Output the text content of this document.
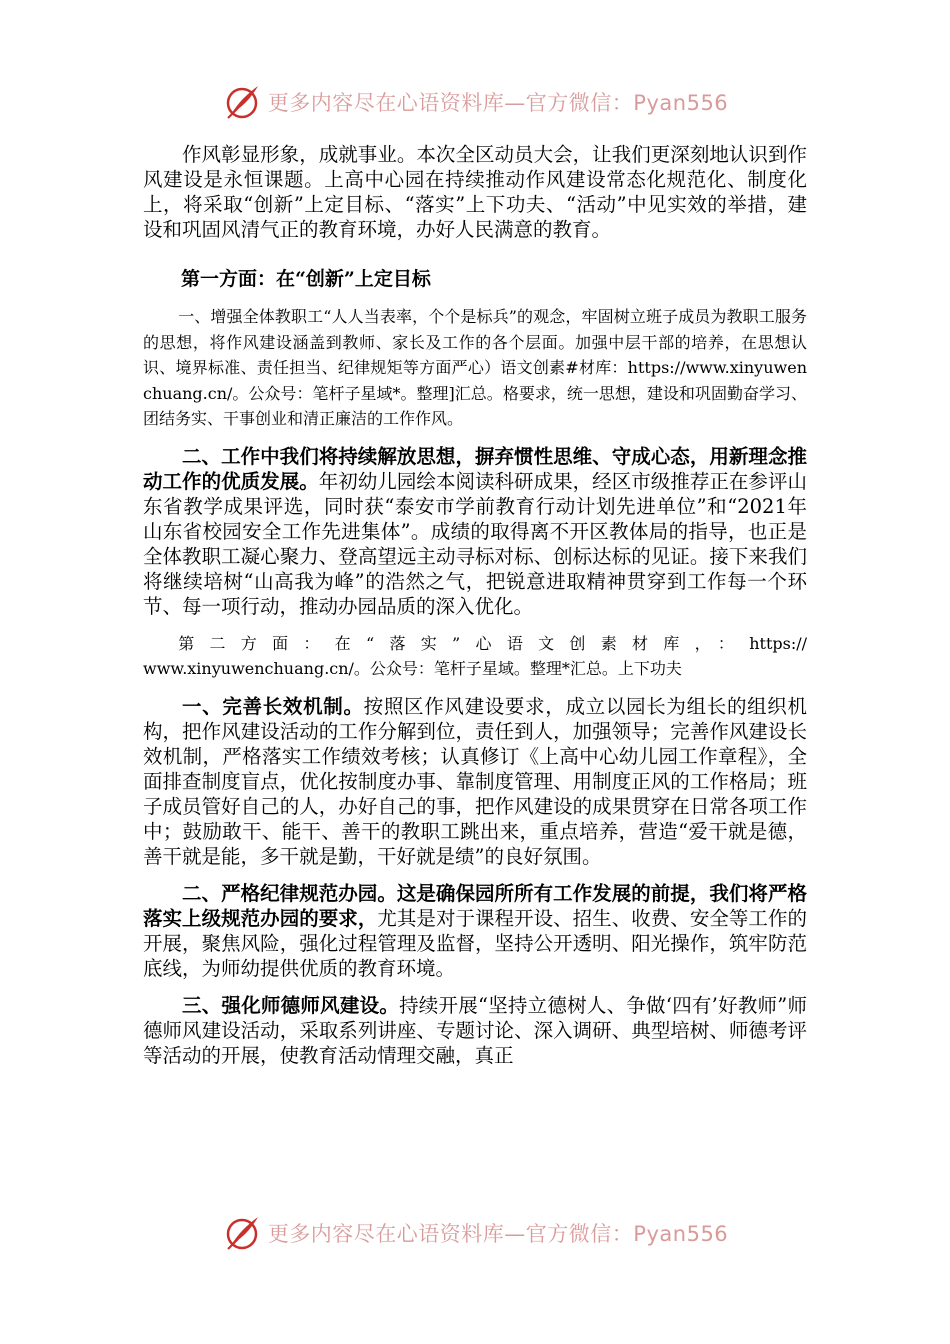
更多内容尽在心语资料库—官方微信：Pyan556

作风彰显形象，成就事业。本次全区动员大会，让我们更深刻地认识到作风建设是永恒课题。上高中心园在持续推动作风建设常态化规范化、制度化上，将采取“创新”上定目标、“落实”上下功夫、“活动”中见实效的举措，建设和巩固风清气正的教育环境，办好人民满意的教育。

第一方面：在“创新”上定目标

一、增强全体教职工“人人当表率，个个是标兵”的观念，牢固树立班子成员为教职工服务的思想，将作风建设涵盖到教师、家长及工作的各个层面。加强中层干部的培养，在思想认识、境界标准、责任担当、纪律规矩等方面严心）语文创素#材库：https://www.xinyuwenchuang.cn/。公众号：笔杆子星域*。整理]汇总。格要求，统一思想，建设和巩固勤奋学习、团结务实、干事创业和清正廉洁的工作作风。

二、工作中我们将持续解放思想，摒弃惯性思维、守成心态，用新理念推动工作的优质发展。年初幼儿园绘本阅读科研成果，经区市级推荐正在参评山东省教学成果评选，同时获“泰安市学前教育行动计划先进单位”和“2021年山东省校园安全工作先进集体”。成绩的取得离不开区教体局的指导，也正是全体教职工凝心聚力、登高望远主动寻标对标、创标达标的见证。接下来我们将继续培树“山高我为峰”的浩然之气，把锐意进取精神贯穿到工作每一个环节、每一项行动，推动办园品质的深入优化。

第二方面：在“落实”心语文创素材库，：https://

www.xinyuwenchuang.cn/。公众号：笔杆子星域。整理*汇总。上下功夫

一、完善长效机制。按照区作风建设要求，成立以园长为组长的组织机构，把作风建设活动的工作分解到位，责任到人，加强领导；完善作风建设长效机制，严格落实工作绩效考核；认真修订《上高中心幼儿园工作章程》，全面排查制度盲点，优化按制度办事、靠制度管理、用制度正风的工作格局；班子成员管好自己的人，办好自己的事，把作风建设的成果贯穿在日常各项工作中；鼓励敢干、能干、善干的教职工跳出来，重点培养，营造“爱干就是德，善干就是能，多干就是勤，干好就是绩”的良好氛围。

二、严格纪律规范办园。这是确保园所所有工作发展的前提，我们将严格落实上级规范办园的要求，尤其是对于课程开设、招生、收费、安全等工作的开展，聚焦风险，强化过程管理及监督，坚持公开透明、阳光操作，筑牢防范底线，为师幼提供优质的教育环境。

三、强化师德师风建设。持续开展“坚持立德树人、争做‘四有’好教师”师德师风建设活动，采取系列讲座、专题讨论、深入调研、典型培树、师德考评等活动的开展，使教育活动情理交融，真正

更多内容尽在心语资料库—官方微信：Pyan556
